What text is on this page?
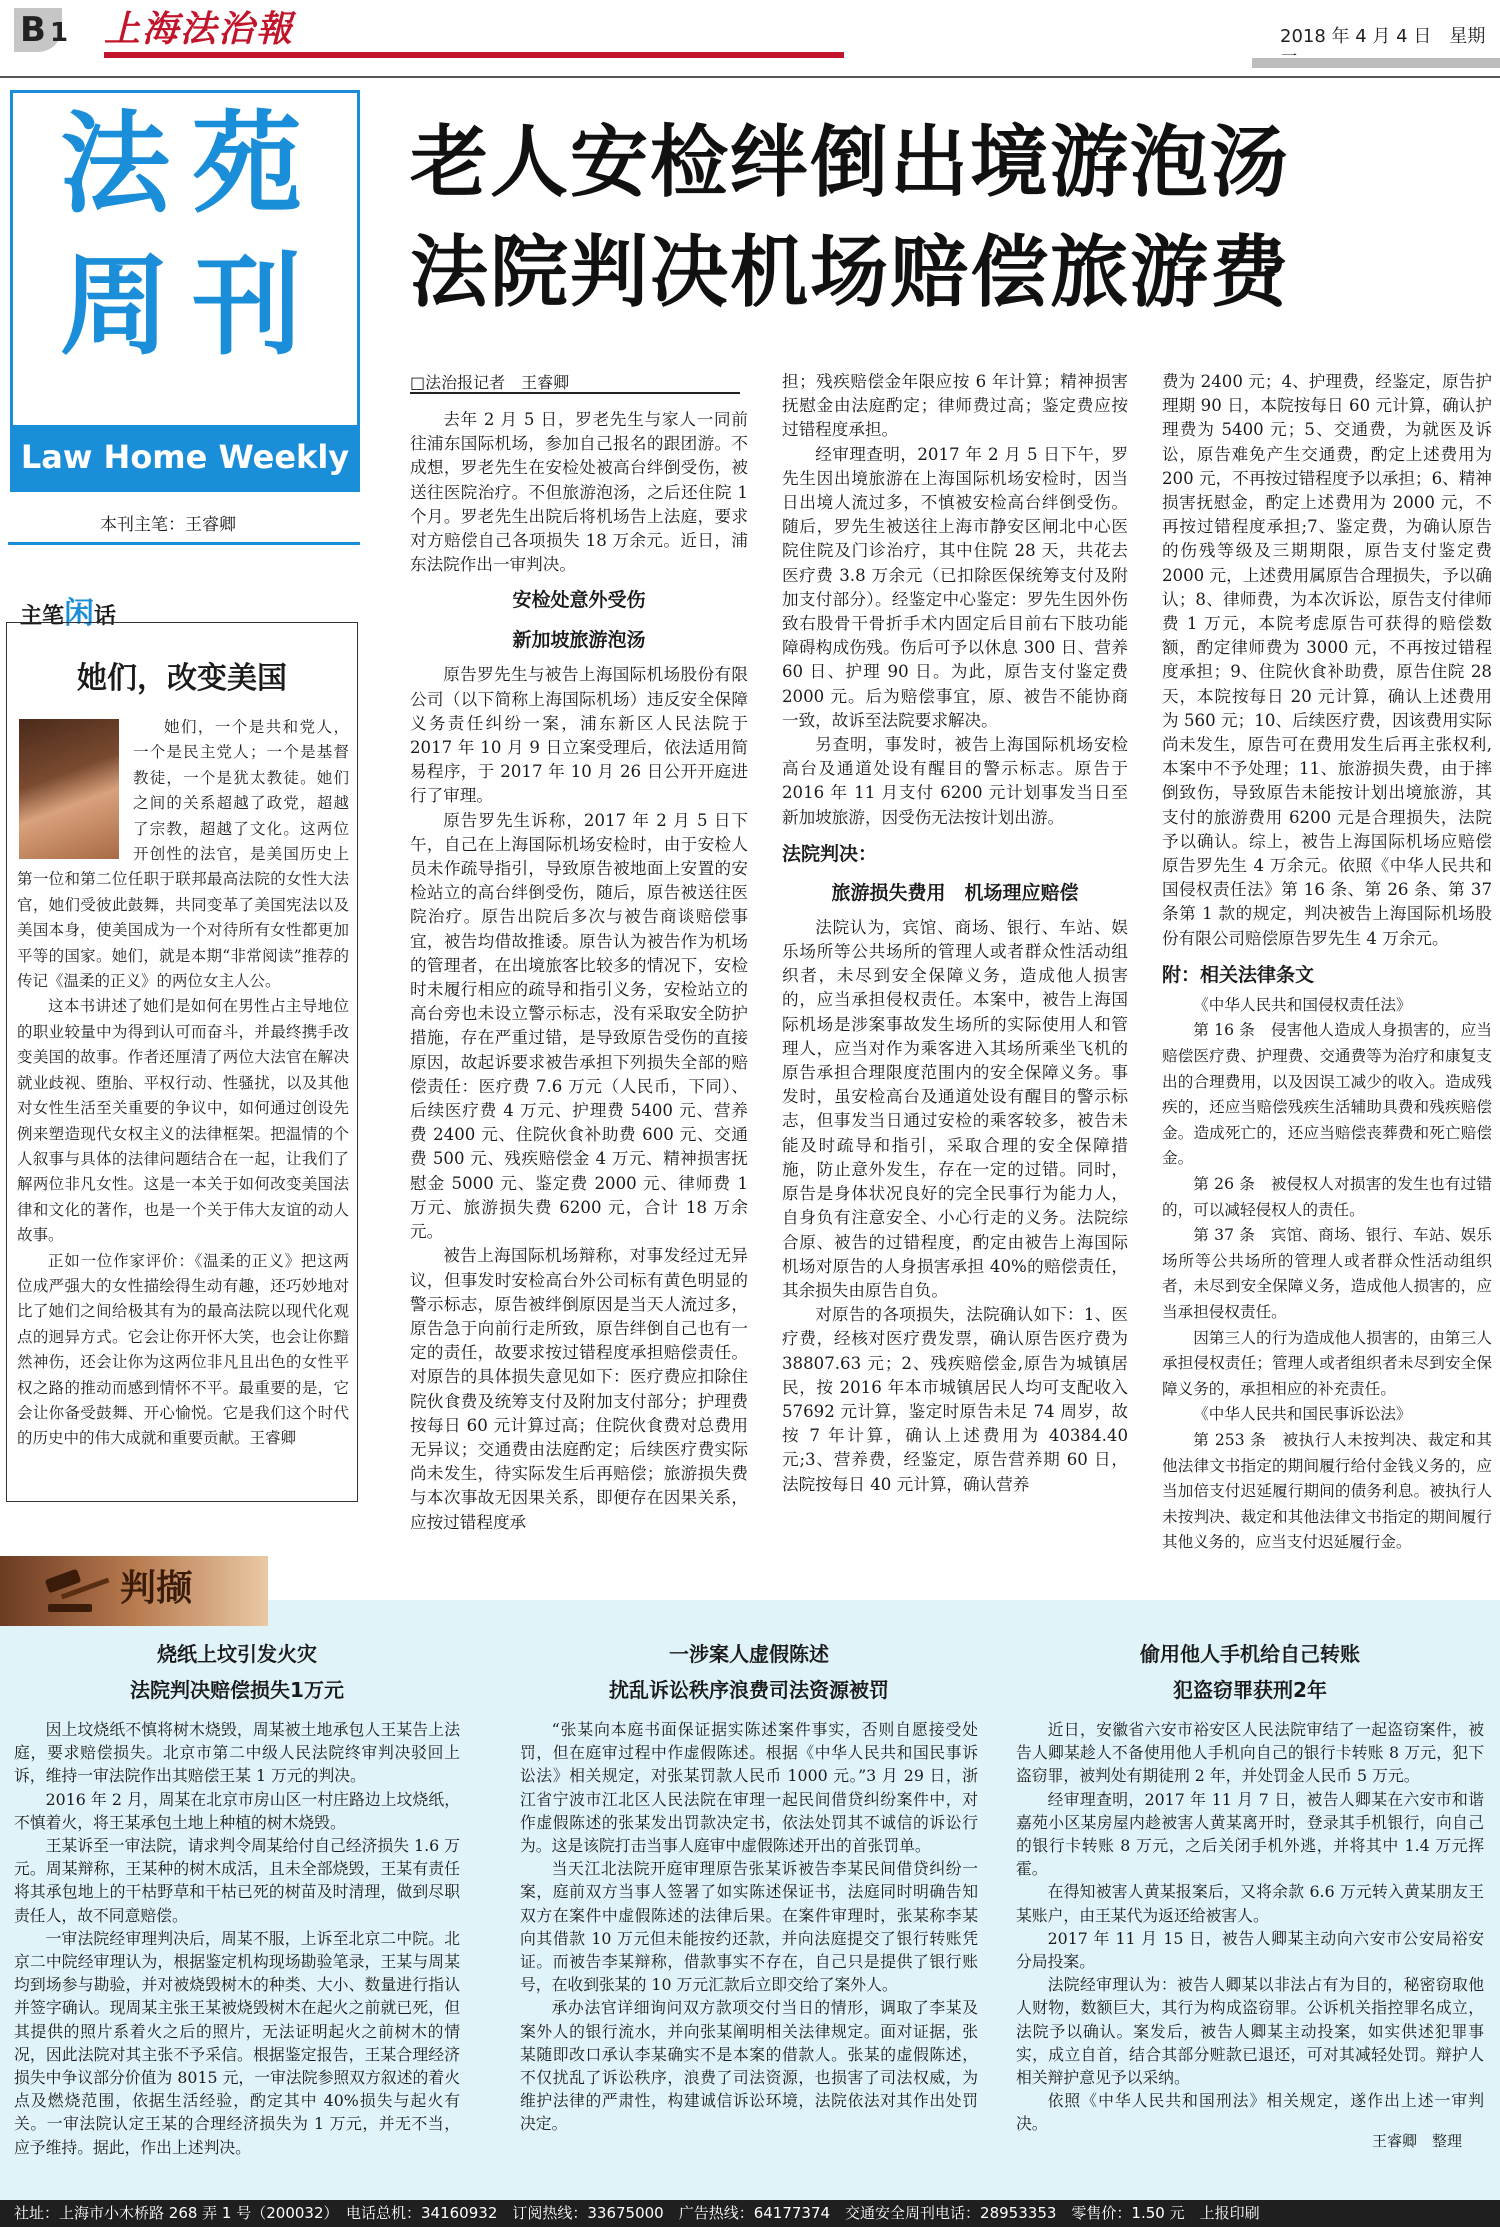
B 1 上海法治報	2018 年 4 月 4 日　星期
法苑周刊
Law Home Weekly
本刊主笔：王睿卿
老人安检绊倒出境游泡汤
法院判决机场赔偿旅游费
□法治报记者　王睿卿
主笔闲话
她们，改变美国

她们，一个是共和党人，一个是民主党人；一个是基督教徒，一个是犹太教徒。她们之间的关系超越了政党，超越了宗教，超越了文化。这两位开创性的法官，是美国历史上第一位和第二位任职于联邦最高法院的女性大法官，她们受彼此鼓舞，共同变革了美国宪法以及美国本身，使美国成为一个对待所有女性都更加平等的国家。她们，就是本期“非常阅读”推荐的传记《温柔的正义》的两位女主人公。

这本书讲述了她们是如何在男性占主导地位的职业较量中为得到认可而奋斗，并最终携手改变美国的故事。作者还厘清了两位大法官在解决就业歧视、堕胎、平权行动、性骚扰，以及其他对女性生活至关重要的争议中，如何通过创设先例来塑造现代女权主义的法律框架。把温情的个人叙事与具体的法律问题结合在一起，让我们了解两位非凡女性。这是一本关于如何改变美国法律和文化的著作，也是一个关于伟大友谊的动人故事。

正如一位作家评价：《温柔的正义》把这两位成严强大的女性描绘得生动有趣，还巧妙地对比了她们之间给极其有为的最高法院以现代化观点的迥异方式。它会让你开怀大笑，也会让你黯然神伤，还会让你为这两位非凡且出色的女性平权之路的推动而感到情怀不平。最重要的是，它会让你备受鼓舞、开心愉悦。它是我们这个时代的历史中的伟大成就和重要贡献。王睿卿

去年 2 月 5 日，罗老先生与家人一同前往浦东国际机场，参加自己报名的跟团游。不成想，罗老先生在安检处被高台绊倒受伤，被送往医院治疗。不但旅游泡汤，之后还住院 1 个月。罗老先生出院后将机场告上法庭，要求对方赔偿自己各项损失 18 万余元。近日，浦东法院作出一审判决。

安检处意外受伤
新加坡旅游泡汤

原告罗先生与被告上海国际机场股份有限公司（以下简称上海国际机场）违反安全保障义务责任纠纷一案，浦东新区人民法院于 2017 年 10 月 9 日立案受理后，依法适用简易程序，于 2017 年 10 月 26 日公开开庭进行了审理。

原告罗先生诉称，2017 年 2 月 5 日下午，自己在上海国际机场安检时，由于安检人员未作疏导指引，导致原告被地面上安置的安检站立的高台绊倒受伤，随后，原告被送往医院治疗。原告出院后多次与被告商谈赔偿事宜，被告均借故推诿。原告认为被告作为机场的管理者，在出境旅客比较多的情况下，安检时未履行相应的疏导和指引义务，安检站立的高台旁也未设立警示标志，没有采取安全防护措施，存在严重过错，是导致原告受伤的直接原因，故起诉要求被告承担下列损失全部的赔偿责任：医疗费 7.6 万元（人民币，下同）、后续医疗费 4 万元、护理费 5400 元、营养费 2400 元、住院伙食补助费 600 元、交通费 500 元、残疾赔偿金 4 万元、精神损害抚慰金 5000 元、鉴定费 2000 元、律师费 1 万元、旅游损失费 6200 元，合计 18 万余元。

被告上海国际机场辩称，对事发经过无异议，但事发时安检高台外公司标有黄色明显的警示标志，原告被绊倒原因是当天人流过多，原告急于向前行走所致，原告绊倒自己也有一定的责任，故要求按过错程度承担赔偿责任。对原告的具体损失意见如下：医疗费应扣除住院伙食费及统筹支付及附加支付部分；护理费按每日 60 元计算过高；住院伙食费对总费用无异议；交通费由法庭酌定；后续医疗费实际尚未发生，待实际发生后再赔偿；旅游损失费与本次事故无因果关系，即便存在因果关系，应按过错程度承

担；残疾赔偿金年限应按 6 年计算；精神损害抚慰金由法庭酌定；律师费过高；鉴定费应按过错程度承担。

经审理查明，2017 年 2 月 5 日下午，罗先生因出境旅游在上海国际机场安检时，因当日出境人流过多，不慎被安检高台绊倒受伤。随后，罗先生被送往上海市静安区闸北中心医院住院及门诊治疗，其中住院 28 天，共花去医疗费 3.8 万余元（已扣除医保统筹支付及附加支付部分）。经鉴定中心鉴定：罗先生因外伤致右股骨干骨折手术内固定后目前右下肢功能障碍构成伤残。伤后可予以休息 300 日、营养 60 日、护理 90 日。为此，原告支付鉴定费 2000 元。后为赔偿事宜，原、被告不能协商一致，故诉至法院要求解决。

另查明，事发时，被告上海国际机场安检高台及通道处设有醒目的警示标志。原告于 2016 年 11 月支付 6200 元计划事发当日至新加坡旅游，因受伤无法按计划出游。

法院判决：
旅游损失费用　机场理应赔偿

法院认为，宾馆、商场、银行、车站、娱乐场所等公共场所的管理人或者群众性活动组织者，未尽到安全保障义务，造成他人损害的，应当承担侵权责任。本案中，被告上海国际机场是涉案事故发生场所的实际使用人和管理人，应当对作为乘客进入其场所乘坐飞机的原告承担合理限度范围内的安全保障义务。事发时，虽安检高台及通道处设有醒目的警示标志，但事发当日通过安检的乘客较多，被告未能及时疏导和指引，采取合理的安全保障措施，防止意外发生，存在一定的过错。同时，原告是身体状况良好的完全民事行为能力人，自身负有注意安全、小心行走的义务。法院综合原、被告的过错程度，酌定由被告上海国际机场对原告的人身损害承担 40%的赔偿责任，其余损失由原告自负。

对原告的各项损失，法院确认如下：1、医疗费，经核对医疗费发票，确认原告医疗费为 38807.63 元；2、残疾赔偿金,原告为城镇居民，按 2016 年本市城镇居民人均可支配收入 57692 元计算，鉴定时原告未足 74 周岁，故按 7 年计算，确认上述费用为 40384.40 元;3、营养费，经鉴定，原告营养期 60 日，法院按每日 40 元计算，确认营养

费为 2400 元；4、护理费，经鉴定，原告护理期 90 日，本院按每日 60 元计算，确认护理费为 5400 元；5、交通费，为就医及诉讼，原告难免产生交通费，酌定上述费用为 200 元，不再按过错程度予以承担；6、精神损害抚慰金，酌定上述费用为 2000 元，不再按过错程度承担;7、鉴定费，为确认原告的伤残等级及三期期限，原告支付鉴定费 2000 元，上述费用属原告合理损失，予以确认；8、律师费，为本次诉讼，原告支付律师费 1 万元，本院考虑原告可获得的赔偿数额，酌定律师费为 3000 元，不再按过错程度承担；9、住院伙食补助费，原告住院 28 天，本院按每日 20 元计算，确认上述费用为 560 元；10、后续医疗费，因该费用实际尚未发生，原告可在费用发生后再主张权利,本案中不予处理；11、旅游损失费，由于摔倒致伤，导致原告未能按计划出境旅游，其支付的旅游费用 6200 元是合理损失，法院予以确认。综上，被告上海国际机场应赔偿原告罗先生 4 万余元。依照《中华人民共和国侵权责任法》第 16 条、第 26 条、第 37 条第 1 款的规定，判决被告上海国际机场股份有限公司赔偿原告罗先生 4 万余元。

附：相关法律条文

《中华人民共和国侵权责任法》

第 16 条　侵害他人造成人身损害的，应当赔偿医疗费、护理费、交通费等为治疗和康复支出的合理费用，以及因误工减少的收入。造成残疾的，还应当赔偿残疾生活辅助具费和残疾赔偿金。造成死亡的，还应当赔偿丧葬费和死亡赔偿金。

第 26 条　被侵权人对损害的发生也有过错的，可以减轻侵权人的责任。

第 37 条　宾馆、商场、银行、车站、娱乐场所等公共场所的管理人或者群众性活动组织者，未尽到安全保障义务，造成他人损害的，应当承担侵权责任。

因第三人的行为造成他人损害的，由第三人承担侵权责任；管理人或者组织者未尽到安全保障义务的，承担相应的补充责任。

《中华人民共和国民事诉讼法》

第 253 条　被执行人未按判决、裁定和其他法律文书指定的期间履行给付金钱义务的，应当加倍支付迟延履行期间的债务利息。被执行人未按判决、裁定和其他法律文书指定的期间履行其他义务的，应当支付迟延履行金。

判撷
烧纸上坟引发火灾
法院判决赔偿损失1万元

因上坟烧纸不慎将树木烧毁，周某被土地承包人王某告上法庭，要求赔偿损失。北京市第二中级人民法院终审判决驳回上诉，维持一审法院作出其赔偿王某 1 万元的判决。

2016 年 2 月，周某在北京市房山区一村庄路边上坟烧纸，不慎着火，将王某承包土地上种植的树木烧毁。

王某诉至一审法院，请求判令周某给付自己经济损失 1.6 万元。周某辩称，王某种的树木成活，且未全部烧毁，王某有责任将其承包地上的干枯野草和干枯已死的树苗及时清理，做到尽职责任人，故不同意赔偿。

一审法院经审理判决后，周某不服，上诉至北京二中院。北京二中院经审理认为，根据鉴定机构现场勘验笔录，王某与周某均到场参与勘验，并对被烧毁树木的种类、大小、数量进行指认并签字确认。现周某主张王某被烧毁树木在起火之前就已死，但其提供的照片系着火之后的照片，无法证明起火之前树木的情况，因此法院对其主张不予采信。根据鉴定报告，王某合理经济损失中争议部分价值为 8015 元，一审法院参照双方叙述的着火点及燃烧范围，依据生活经验，酌定其中 40%损失与起火有关。一审法院认定王某的合理经济损失为 1 万元，并无不当，应予维持。据此，作出上述判决。

一涉案人虚假陈述
扰乱诉讼秩序浪费司法资源被罚

“张某向本庭书面保证据实陈述案件事实，否则自愿接受处罚，但在庭审过程中作虚假陈述。根据《中华人民共和国民事诉讼法》相关规定，对张某罚款人民币 1000 元。”3 月 29 日，浙江省宁波市江北区人民法院在审理一起民间借贷纠纷案件中，对作虚假陈述的张某发出罚款决定书，依法处罚其不诚信的诉讼行为。这是该院打击当事人庭审中虚假陈述开出的首张罚单。

当天江北法院开庭审理原告张某诉被告李某民间借贷纠纷一案，庭前双方当事人签署了如实陈述保证书，法庭同时明确告知双方在案件中虚假陈述的法律后果。在案件审理时，张某称李某向其借款 10 万元但未能按约还款，并向法庭提交了银行转账凭证。而被告李某辩称，借款事实不存在，自己只是提供了银行账号，在收到张某的 10 万元汇款后立即交给了案外人。

承办法官详细询问双方款项交付当日的情形，调取了李某及案外人的银行流水，并向张某阐明相关法律规定。面对证据，张某随即改口承认李某确实不是本案的借款人。张某的虚假陈述，不仅扰乱了诉讼秩序，浪费了司法资源，也损害了司法权威，为维护法律的严肃性，构建诚信诉讼环境，法院依法对其作出处罚决定。

偷用他人手机给自己转账
犯盗窃罪获刑2年

近日，安徽省六安市裕安区人民法院审结了一起盗窃案件，被告人卿某趁人不备使用他人手机向自己的银行卡转账 8 万元，犯下盗窃罪，被判处有期徒刑 2 年，并处罚金人民币 5 万元。

经审理查明，2017 年 11 月 7 日，被告人卿某在六安市和谐嘉苑小区某房屋内趁被害人黄某离开时，登录其手机银行，向自己的银行卡转账 8 万元，之后关闭手机外逃，并将其中 1.4 万元挥霍。

在得知被害人黄某报案后，又将余款 6.6 万元转入黄某朋友王某账户，由王某代为返还给被害人。

2017 年 11 月 15 日，被告人卿某主动向六安市公安局裕安分局投案。

法院经审理认为：被告人卿某以非法占有为目的，秘密窃取他人财物，数额巨大，其行为构成盗窃罪。公诉机关指控罪名成立，法院予以确认。案发后，被告人卿某主动投案，如实供述犯罪事实，成立自首，结合其部分赃款已退还，可对其减轻处罚。辩护人相关辩护意见予以采纳。

依照《中华人民共和国刑法》相关规定，遂作出上述一审判决。

王睿卿　整理
社址：上海市小木桥路 268 弄 1 号（200032）　电话总机：34160932　订阅热线：33675000　广告热线：64177374　交通安全周刊电话：28953353　零售价：1.50 元　上报印刷
